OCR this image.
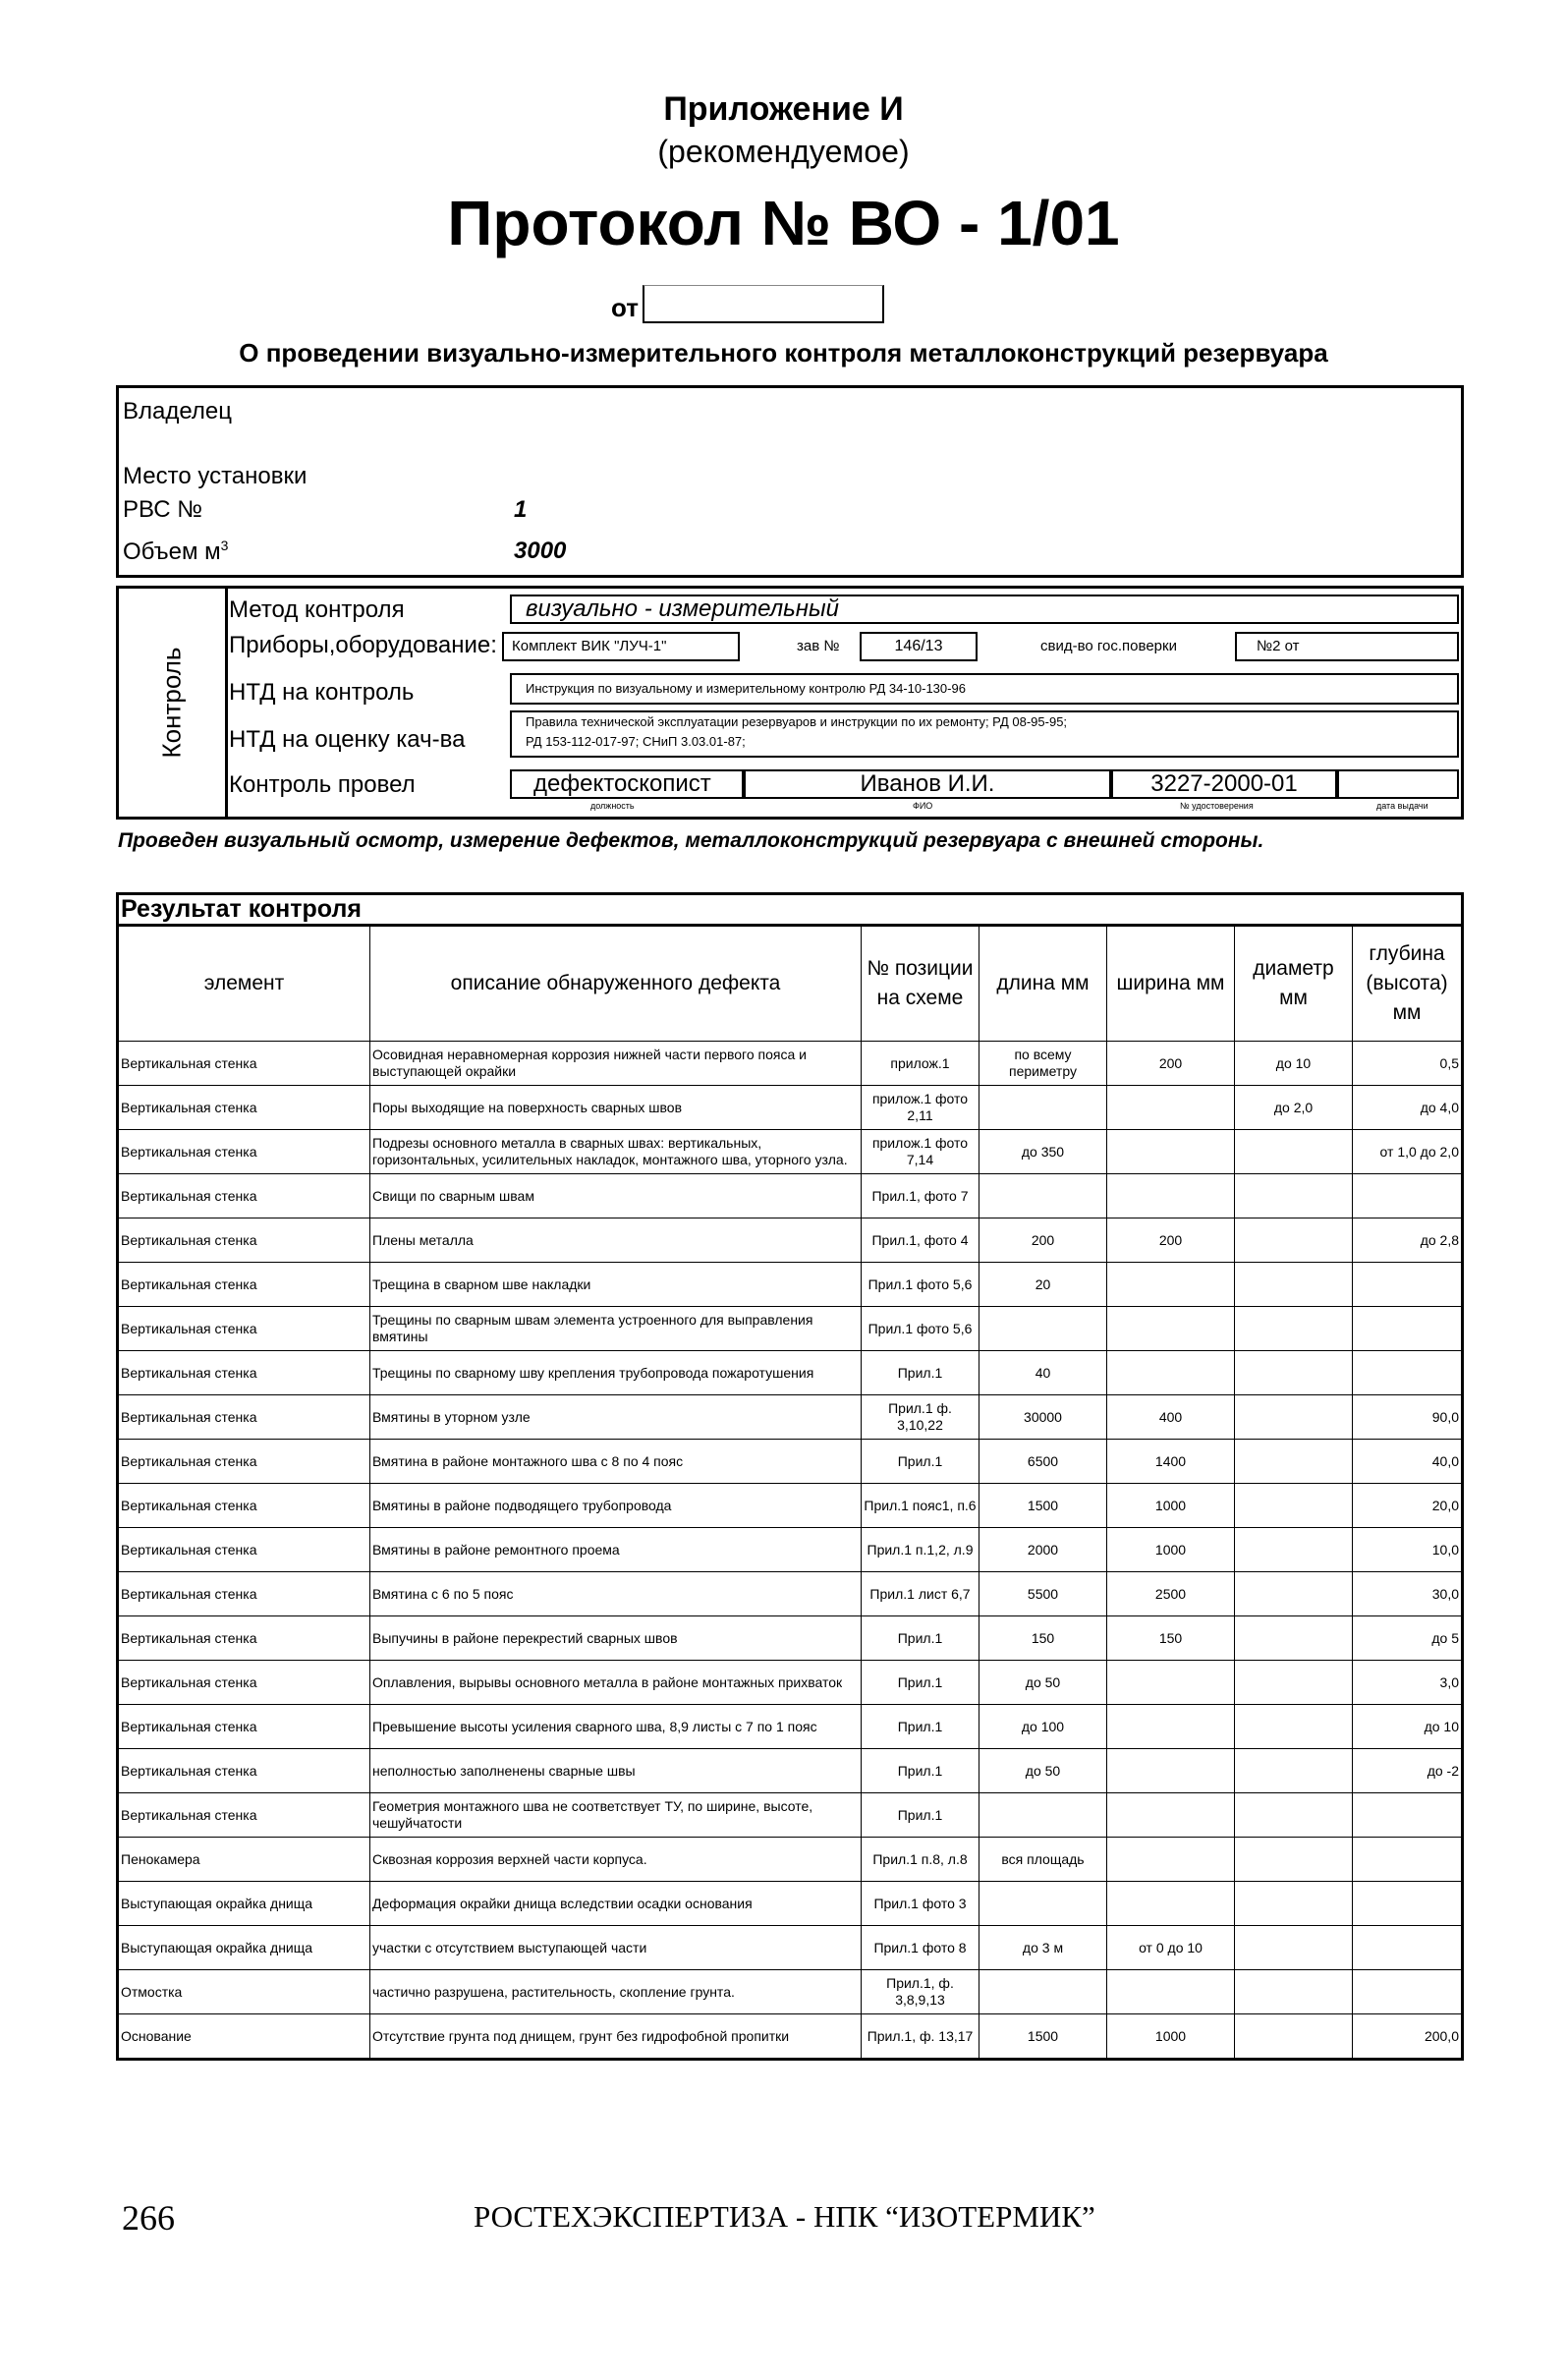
Приложение И
(рекомендуемое)
Протокол № ВО - 1/01
от
О проведении визуально-измерительного контроля металлоконструкций резервуара
Владелец
Место установки
РВС №	1
Объем $м^3$	3000
Контроль
Метод контроля	визуально - измерительный
Приборы,оборудование:	Комплект ВИК "ЛУЧ-1"	зав №	146/13	свид-во гос.поверки	№2 от
НТД на контроль	Инструкция по визуальному и измерительному контролю РД 34-10-130-96
НТД на оценку кач-ва
Правила технической эксплуатации резервуаров и инструкции по их ремонту; РД 08-95-95;
РД 153-112-017-97; СНиП 3.03.01-87;
Контроль провел	дефектоскопист	Иванов И.И.	3227-2000-01
должность	ФИО	№ удостоверения	дата выдачи
Проведен визуальный осмотр, измерение дефектов, металлоконструкций резервуара с внешней стороны.
Результат контроля
элемент	описание обнаруженного дефекта	№ позиции на схеме	длина мм	ширина мм	диаметр мм	глубина (высота) мм
Вертикальная стенка	Осовидная неравномерная коррозия нижней части первого пояса и выступающей окрайки	прилож.1	по всему периметру	200	до 10	0,5
Вертикальная стенка	Поры выходящие на поверхность сварных швов	прилож.1 фото 2,11			до 2,0	до 4,0
Вертикальная стенка	Подрезы основного металла в сварных швах: вертикальных, горизонтальных, усилительных накладок, монтажного шва, уторного узла.	прилож.1 фото 7,14	до 350			от 1,0 до 2,0
Вертикальная стенка	Свищи по сварным швам	Прил.1, фото 7				
Вертикальная стенка	Плены металла	Прил.1, фото 4	200	200		до 2,8
Вертикальная стенка	Трещина в сварном шве накладки	Прил.1 фото 5,6	20			
Вертикальная стенка	Трещины по сварным швам элемента устроенного для выправления вмятины	Прил.1 фото 5,6				
Вертикальная стенка	Трещины по сварному шву крепления трубопровода пожаротушения	Прил.1	40			
Вертикальная стенка	Вмятины в уторном узле	Прил.1 ф. 3,10,22	30000	400		90,0
Вертикальная стенка	Вмятина в районе монтажного шва с 8 по 4 пояс	Прил.1	6500	1400		40,0
Вертикальная стенка	Вмятины в районе подводящего трубопровода	Прил.1 пояс1, п.6	1500	1000		20,0
Вертикальная стенка	Вмятины в районе ремонтного проема	Прил.1 п.1,2, л.9	2000	1000		10,0
Вертикальная стенка	Вмятина с 6 по 5 пояс	Прил.1 лист 6,7	5500	2500		30,0
Вертикальная стенка	Выпучины в районе перекрестий сварных швов	Прил.1	150	150		до 5
Вертикальная стенка	Оплавления, вырывы основного металла в районе монтажных прихваток	Прил.1	до 50			3,0
Вертикальная стенка	Превышение высоты усиления сварного шва, 8,9 листы с 7 по 1 пояс	Прил.1	до 100			до 10
Вертикальная стенка	неполностью заполненены сварные швы	Прил.1	до 50			до -2
Вертикальная стенка	Геометрия монтажного шва не соответствует ТУ, по ширине, высоте, чешуйчатости	Прил.1				
Пенокамера	Сквозная коррозия верхней части корпуса.	Прил.1 п.8, л.8	вся площадь			
Выступающая окрайка днища	Деформация окрайки днища вследствии осадки основания	Прил.1 фото 3				
Выступающая окрайка днища	участки с отсутствием выступающей части	Прил.1 фото 8	до 3 м	от 0 до 10		
Отмостка	частично разрушена, растительность, скопление грунта.	Прил.1, ф. 3,8,9,13				
Основание	Отсутствие грунта под днищем, грунт без гидрофобной пропитки	Прил.1, ф. 13,17	1500	1000		200,0
266	РОСТЕХЭКСПЕРТИЗА - НПК “ИЗОТЕРМИК”
